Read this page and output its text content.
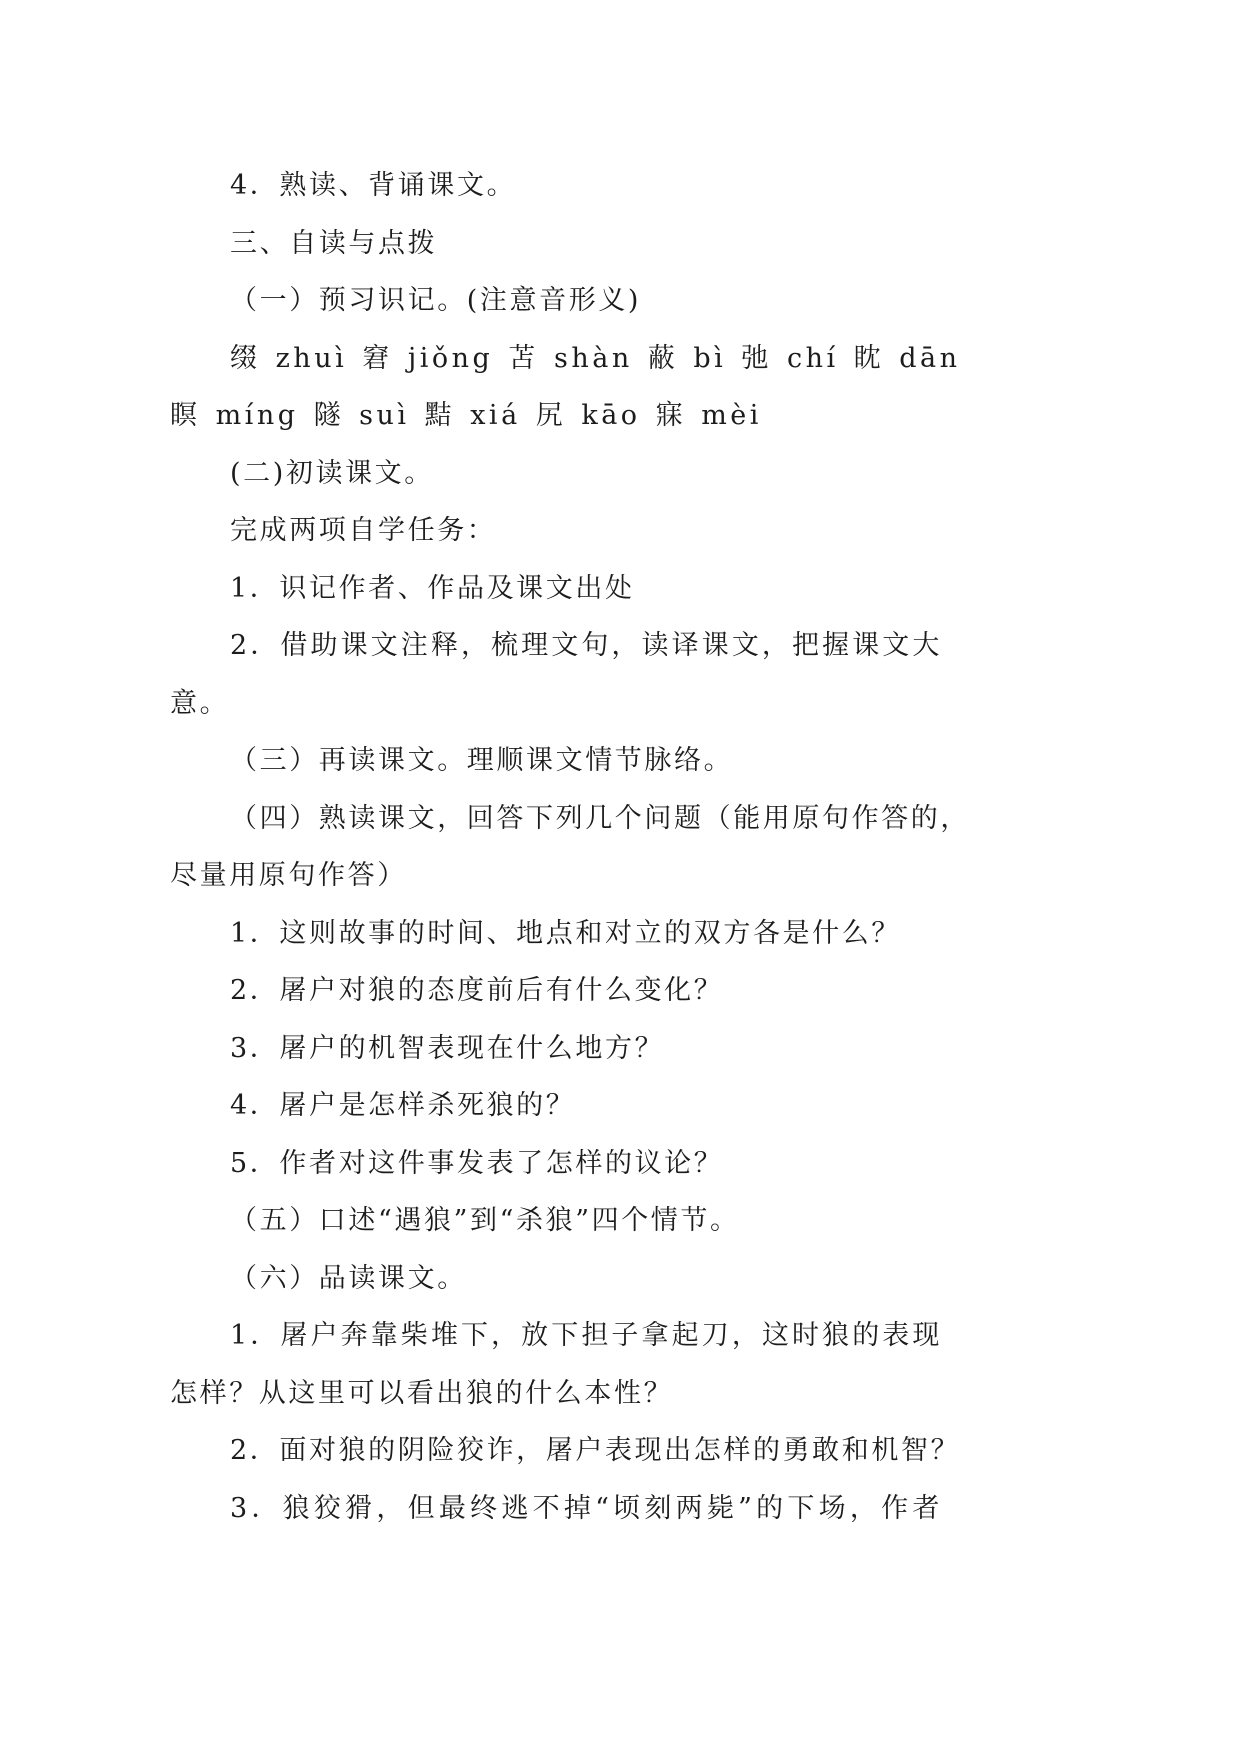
4．熟读、背诵课文。
三、自读与点拨
（一）预习识记。(注意音形义)
缀 zhuì 窘 jiǒng 苫 shàn 蔽 bì 弛 chí 眈 dān
瞑 míng 隧 suì 黠 xiá 尻 kāo 寐 mèi
(二)初读课文。
完成两项自学任务：
1．识记作者、作品及课文出处
2．借助课文注释，梳理文句，读译课文，把握课文大
意。
（三）再读课文。理顺课文情节脉络。
（四）熟读课文，回答下列几个问题（能用原句作答的，
尽量用原句作答）
1．这则故事的时间、地点和对立的双方各是什么？
2．屠户对狼的态度前后有什么变化？
3．屠户的机智表现在什么地方？
4．屠户是怎样杀死狼的？
5．作者对这件事发表了怎样的议论？
（五）口述“遇狼”到“杀狼”四个情节。
（六）品读课文。
1．屠户奔靠柴堆下，放下担子拿起刀，这时狼的表现
怎样？从这里可以看出狼的什么本性？
2．面对狼的阴险狡诈，屠户表现出怎样的勇敢和机智？
3．狼狡猾，但最终逃不掉“顷刻两毙”的下场，作者
